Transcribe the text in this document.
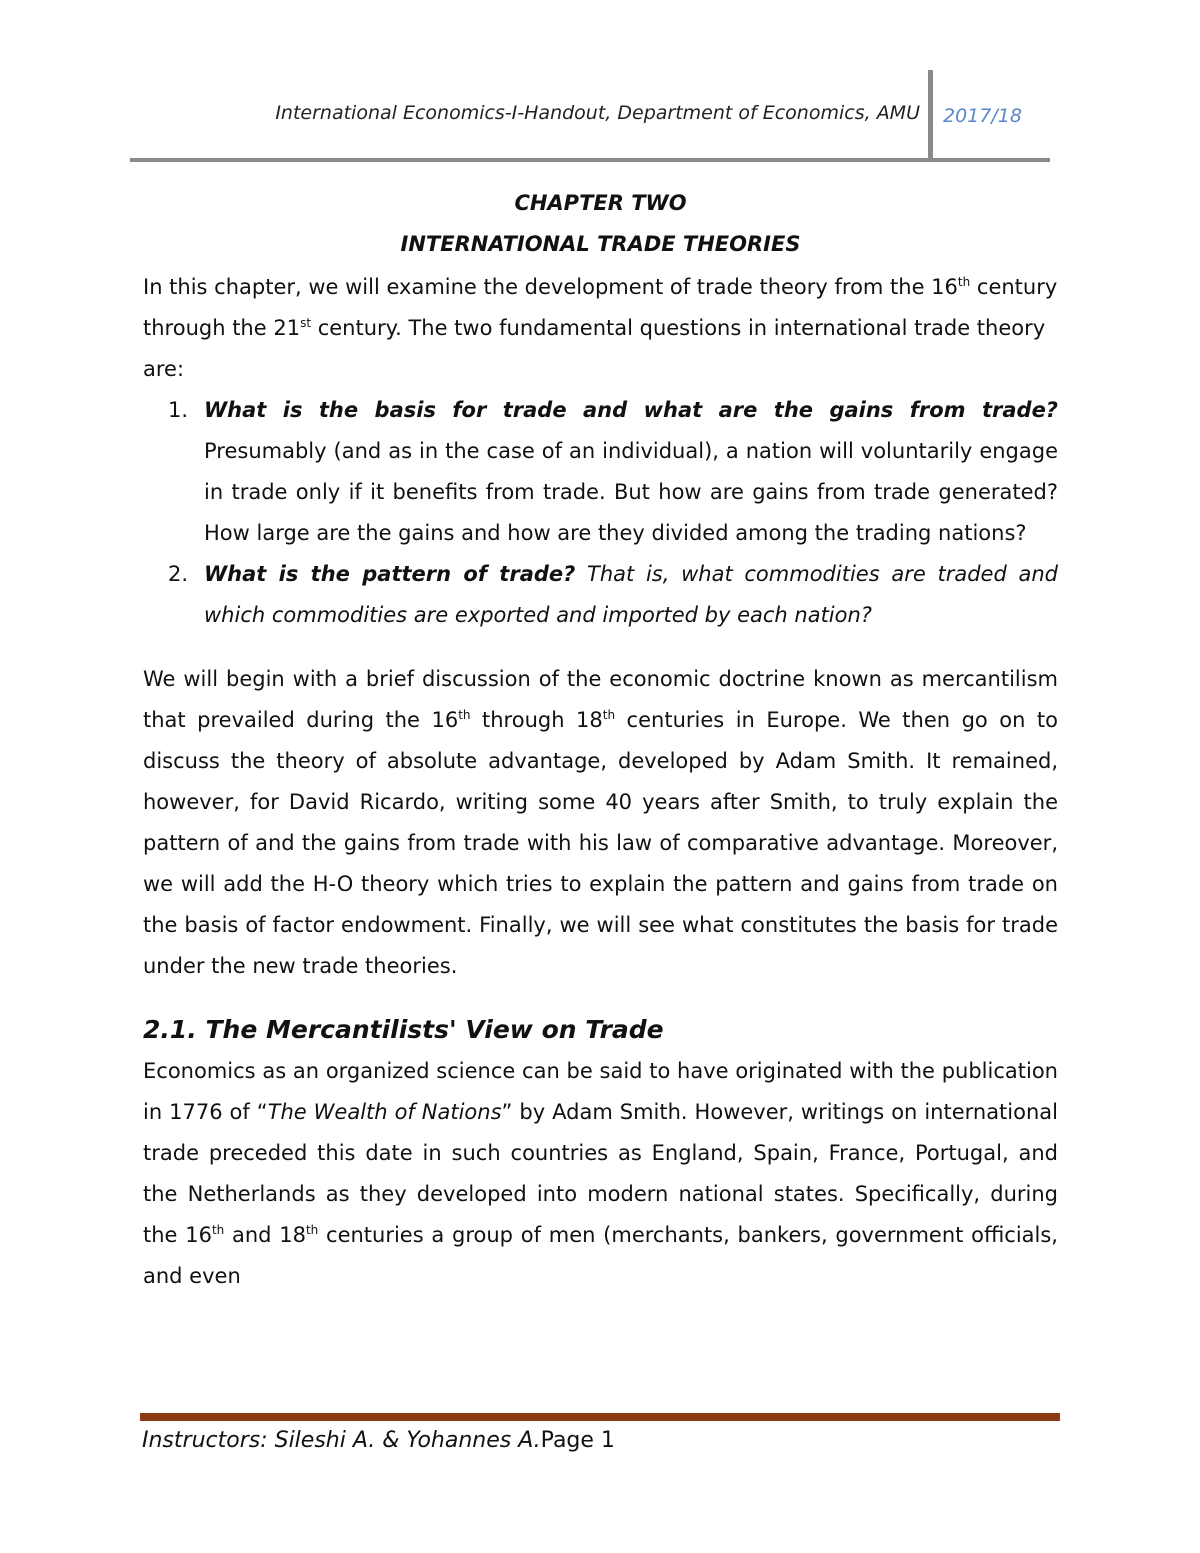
International Economics-I-Handout, Department of Economics, AMU 2017/18
CHAPTER TWO
INTERNATIONAL TRADE THEORIES

In this chapter, we will examine the development of trade theory from the 16th century through the 21st century. The two fundamental questions in international trade theory are:

1. What is the basis for trade and what are the gains from trade? Presumably (and as in the case of an individual), a nation will voluntarily engage in trade only if it benefits from trade. But how are gains from trade generated? How large are the gains and how are they divided among the trading nations?
2. What is the pattern of trade? That is, what commodities are traded and which commodities are exported and imported by each nation?

We will begin with a brief discussion of the economic doctrine known as mercantilism that prevailed during the 16th through 18th centuries in Europe. We then go on to discuss the theory of absolute advantage, developed by Adam Smith. It remained, however, for David Ricardo, writing some 40 years after Smith, to truly explain the pattern of and the gains from trade with his law of comparative advantage. Moreover, we will add the H-O theory which tries to explain the pattern and gains from trade on the basis of factor endowment. Finally, we will see what constitutes the basis for trade under the new trade theories.

2.1. The Mercantilists' View on Trade

Economics as an organized science can be said to have originated with the publication in 1776 of “The Wealth of Nations” by Adam Smith. However, writings on international trade preceded this date in such countries as England, Spain, France, Portugal, and the Netherlands as they developed into modern national states. Specifically, during the 16th and 18th centuries a group of men (merchants, bankers, government officials, and even

Instructors: Sileshi A. & Yohannes A.Page 1
